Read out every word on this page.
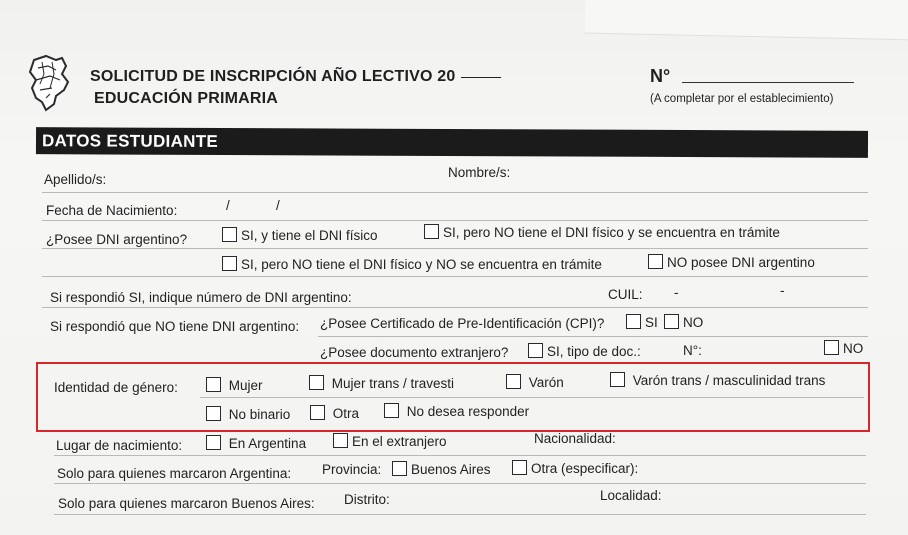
SOLICITUD DE INSCRIPCIÓN AÑO LECTIVO 20
EDUCACIÓN PRIMARIA
N°
(A completar por el establecimiento)
DATOS ESTUDIANTE
Apellido/s:	Nombre/s:
Fecha de Nacimiento:	/	/
¿Posee DNI argentino?	SI, y tiene el DNI físico	SI, pero NO tiene el DNI físico y se encuentra en trámite
SI, pero NO tiene el DNI físico y NO se encuentra en trámite	NO posee DNI argentino
Si respondió SI, indique número de DNI argentino:	CUIL: -	-
Si respondió que NO tiene DNI argentino: ¿Posee Certificado de Pre-Identificación (CPI)?	SI	NO
¿Posee documento extranjero?	SI, tipo de doc.:	N°:	NO
Identidad de género:	Mujer	Mujer trans / travesti	Varón	Varón trans / masculinidad trans
No binario	Otra	No desea responder
Lugar de nacimiento:	En Argentina	En el extranjero	Nacionalidad:
Solo para quienes marcaron Argentina: Provincia:	Buenos Aires	Otra (especificar):
Solo para quienes marcaron Buenos Aires: Distrito:	Localidad:
